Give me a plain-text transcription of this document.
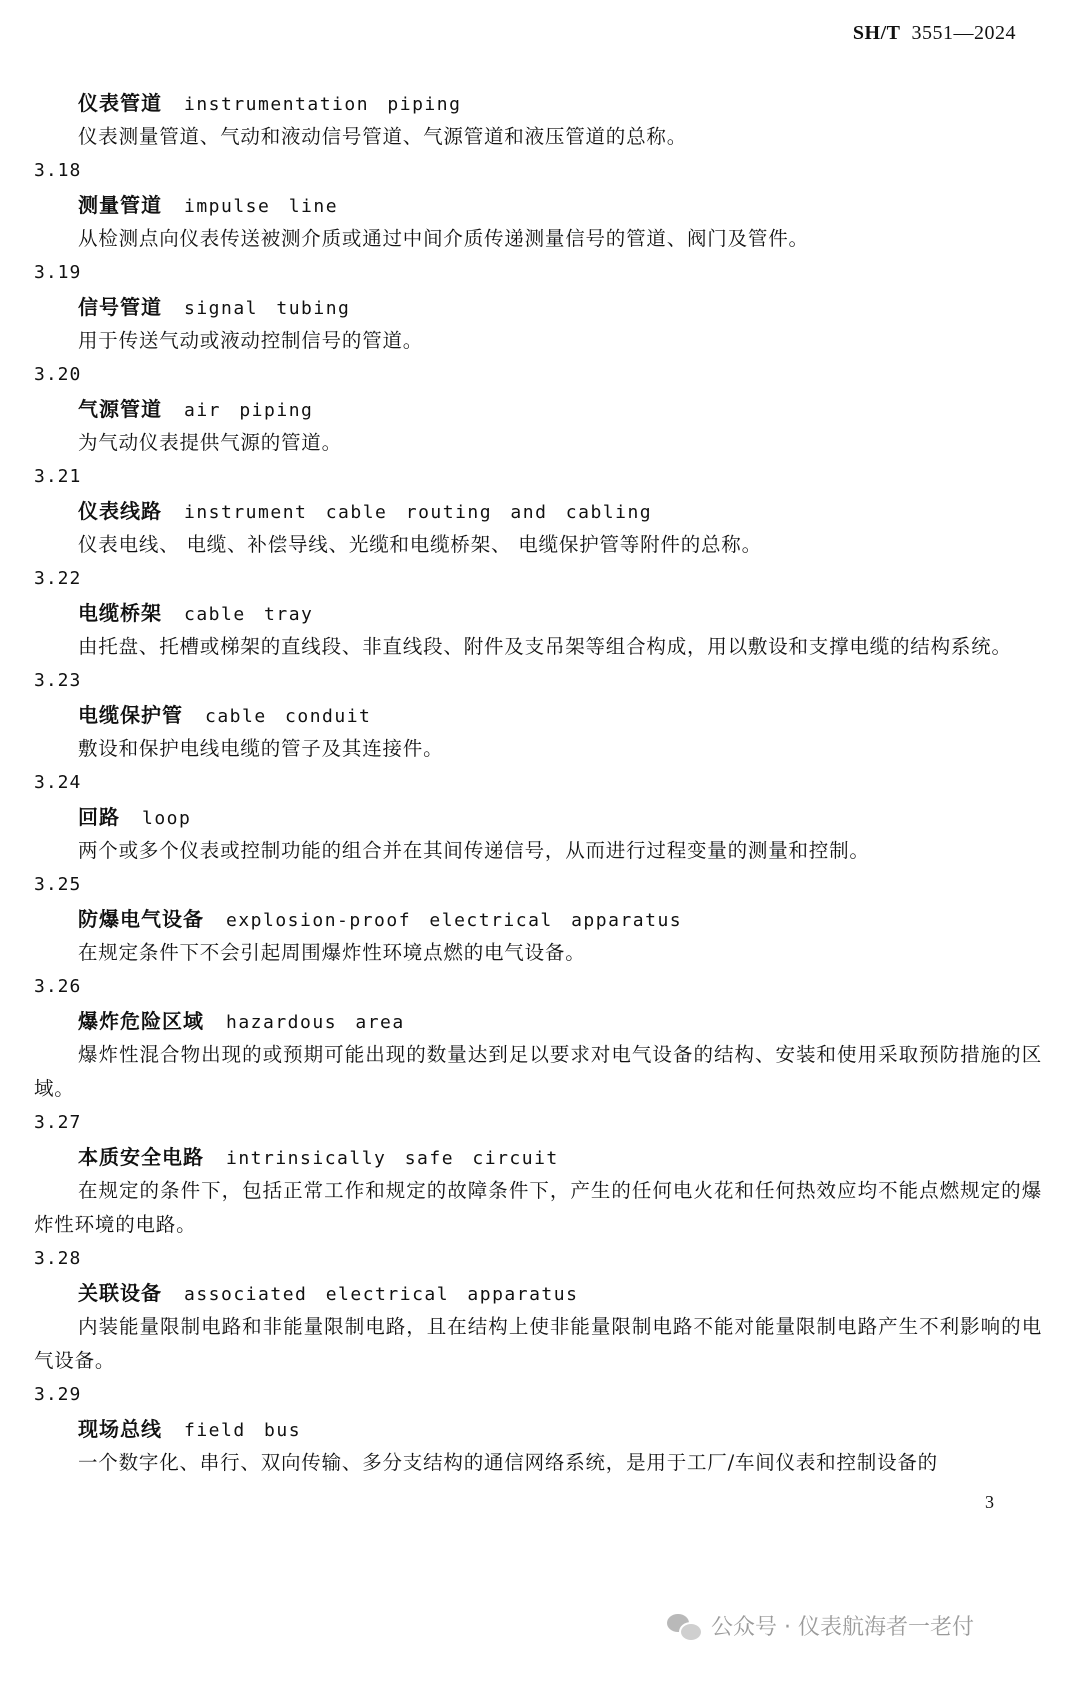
SH/T 3551—2024
仪表管道 instrumentation piping
仪表测量管道、气动和液动信号管道、气源管道和液压管道的总称。
3.18
测量管道 impulse line
从检测点向仪表传送被测介质或通过中间介质传递测量信号的管道、阀门及管件。
3.19
信号管道 signal tubing
用于传送气动或液动控制信号的管道。
3.20
气源管道 air piping
为气动仪表提供气源的管道。
3.21
仪表线路 instrument cable routing and cabling
仪表电线、 电缆、补偿导线、光缆和电缆桥架、 电缆保护管等附件的总称。
3.22
电缆桥架 cable tray
由托盘、托槽或梯架的直线段、非直线段、附件及支吊架等组合构成，用以敷设和支撑电缆的结构系统。
3.23
电缆保护管 cable conduit
敷设和保护电线电缆的管子及其连接件。
3.24
回路 loop
两个或多个仪表或控制功能的组合并在其间传递信号，从而进行过程变量的测量和控制。
3.25
防爆电气设备 explosion-proof electrical apparatus
在规定条件下不会引起周围爆炸性环境点燃的电气设备。
3.26
爆炸危险区域 hazardous area
爆炸性混合物出现的或预期可能出现的数量达到足以要求对电气设备的结构、安装和使用采取预防措施的区域。
3.27
本质安全电路 intrinsically safe circuit
在规定的条件下，包括正常工作和规定的故障条件下，产生的任何电火花和任何热效应均不能点燃规定的爆炸性环境的电路。
3.28
关联设备 associated electrical apparatus
内装能量限制电路和非能量限制电路，且在结构上使非能量限制电路不能对能量限制电路产生不利影响的电气设备。
3.29
现场总线 field bus
一个数字化、串行、双向传输、多分支结构的通信网络系统，是用于工厂/车间仪表和控制设备的
3
公众号 · 仪表航海者一老付
